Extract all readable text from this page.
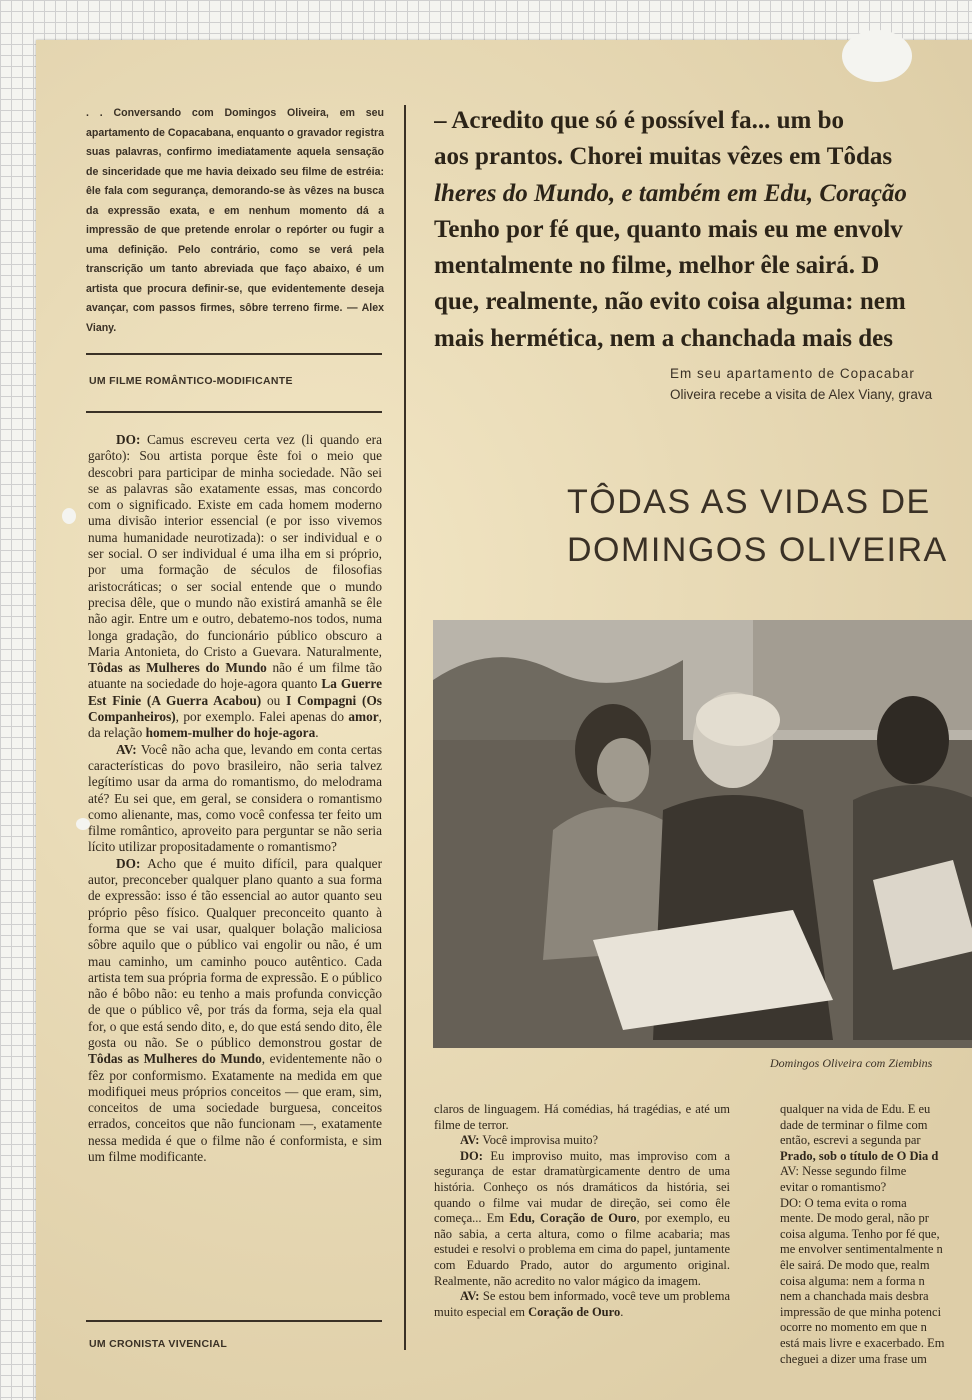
. . Conversando com Domingos Oliveira, em seu apartamento de Copacabana, enquanto o gravador registra suas palavras, confirmo imediatamente aquela sensação de sinceridade que me havia deixado seu filme de estréia: êle fala com segurança, demorando-se às vêzes na busca da expressão exata, e em nenhum momento dá a impressão de que pretende enrolar o repórter ou fugir a uma definição. Pelo contrário, como se verá pela transcrição um tanto abreviada que faço abaixo, é um artista que procura definir-se, que evidentemente deseja avançar, com passos firmes, sôbre terreno firme. — Alex Viany.
UM FILME ROMÂNTICO-MODIFICANTE

DO: Camus escreveu certa vez (li quando era garôto): Sou artista porque êste foi o meio que descobri para participar de minha sociedade. Não sei se as palavras são exatamente essas, mas concordo com o significado. Existe em cada homem moderno uma divisão interior essencial (e por isso vivemos numa humanidade neurotizada): o ser individual e o ser social. O ser individual é uma ilha em si próprio, por uma formação de séculos de filosofias aristocráticas; o ser social entende que o mundo precisa dêle, que o mundo não existirá amanhã se êle não agir. Entre um e outro, debatemo-nos todos, numa longa gradação, do funcionário público obscuro a Maria Antonieta, do Cristo a Guevara. Naturalmente, Tôdas as Mulheres do Mundo não é um filme tão atuante na sociedade do hoje-agora quanto La Guerre Est Finie (A Guerra Acabou) ou I Compagni (Os Companheiros), por exemplo. Falei apenas do amor, da relação homem-mulher do hoje-agora.

AV: Você não acha que, levando em conta certas características do povo brasileiro, não seria talvez legítimo usar da arma do romantismo, do melodrama até? Eu sei que, em geral, se considera o romantismo como alienante, mas, como você confessa ter feito um filme romântico, aproveito para perguntar se não seria lícito utilizar propositadamente o romantismo?

DO: Acho que é muito difícil, para qualquer autor, preconceber qualquer plano quanto a sua forma de expressão: isso é tão essencial ao autor quanto seu próprio pêso físico. Qualquer preconceito quanto à forma que se vai usar, qualquer bolação maliciosa sôbre aquilo que o público vai engolir ou não, é um mau caminho, um caminho pouco autêntico. Cada artista tem sua própria forma de expressão. E o público não é bôbo não: eu tenho a mais profunda convicção de que o público vê, por trás da forma, seja ela qual for, o que está sendo dito, e, do que está sendo dito, êle gosta ou não. Se o público demonstrou gostar de Tôdas as Mulheres do Mundo, evidentemente não o fêz por conformismo. Exatamente na medida em que modifiquei meus próprios conceitos — que eram, sim, conceitos de uma sociedade burguesa, conceitos errados, conceitos que não funcionam —, exatamente nessa medida é que o filme não é conformista, e sim um filme modificante.

UM CRONISTA VIVENCIAL
– Acredito que só é possível fa... um bo
aos prantos. Chorei muitas vêzes em Tôdas
lheres do Mundo, e também em Edu, Coração
Tenho por fé que, quanto mais eu me envolv
mentalmente no filme, melhor êle sairá. D
que, realmente, não evito coisa alguma: nem
mais hermética, nem a chanchada mais des
Em seu apartamento de Copacabar
Oliveira recebe a visita de Alex Viany, grava
TÔDAS AS VIDAS DE
DOMINGOS OLIVEIRA
Domingos Oliveira com Ziembins

claros de linguagem. Há comédias, há tragédias, e até um filme de terror.

AV: Você improvisa muito?

DO: Eu improviso muito, mas improviso com a segurança de estar dramatùrgicamente dentro de uma história. Conheço os nós dramáticos da história, sei quando o filme vai mudar de direção, sei como êle começa... Em Edu, Coração de Ouro, por exemplo, eu não sabia, a certa altura, como o filme acabaria; mas estudei e resolvi o problema em cima do papel, juntamente com Eduardo Prado, autor do argumento original. Realmente, não acredito no valor mágico da imagem.

AV: Se estou bem informado, você teve um problema muito especial em Coração de Ouro.

qualquer na vida de Edu. E eu

dade de terminar o filme com

então, escrevi a segunda par

Prado, sob o título de O Dia d

AV: Nesse segundo filme

evitar o romantismo?

DO: O tema evita o roma

mente. De modo geral, não pr

coisa alguma. Tenho por fé que,

me envolver sentimentalmente n

êle sairá. De modo que, realm

coisa alguma: nem a forma n

nem a chanchada mais desbra

impressão de que minha potenci

ocorre no momento em que n

está mais livre e exacerbado. Em

cheguei a dizer uma frase um
